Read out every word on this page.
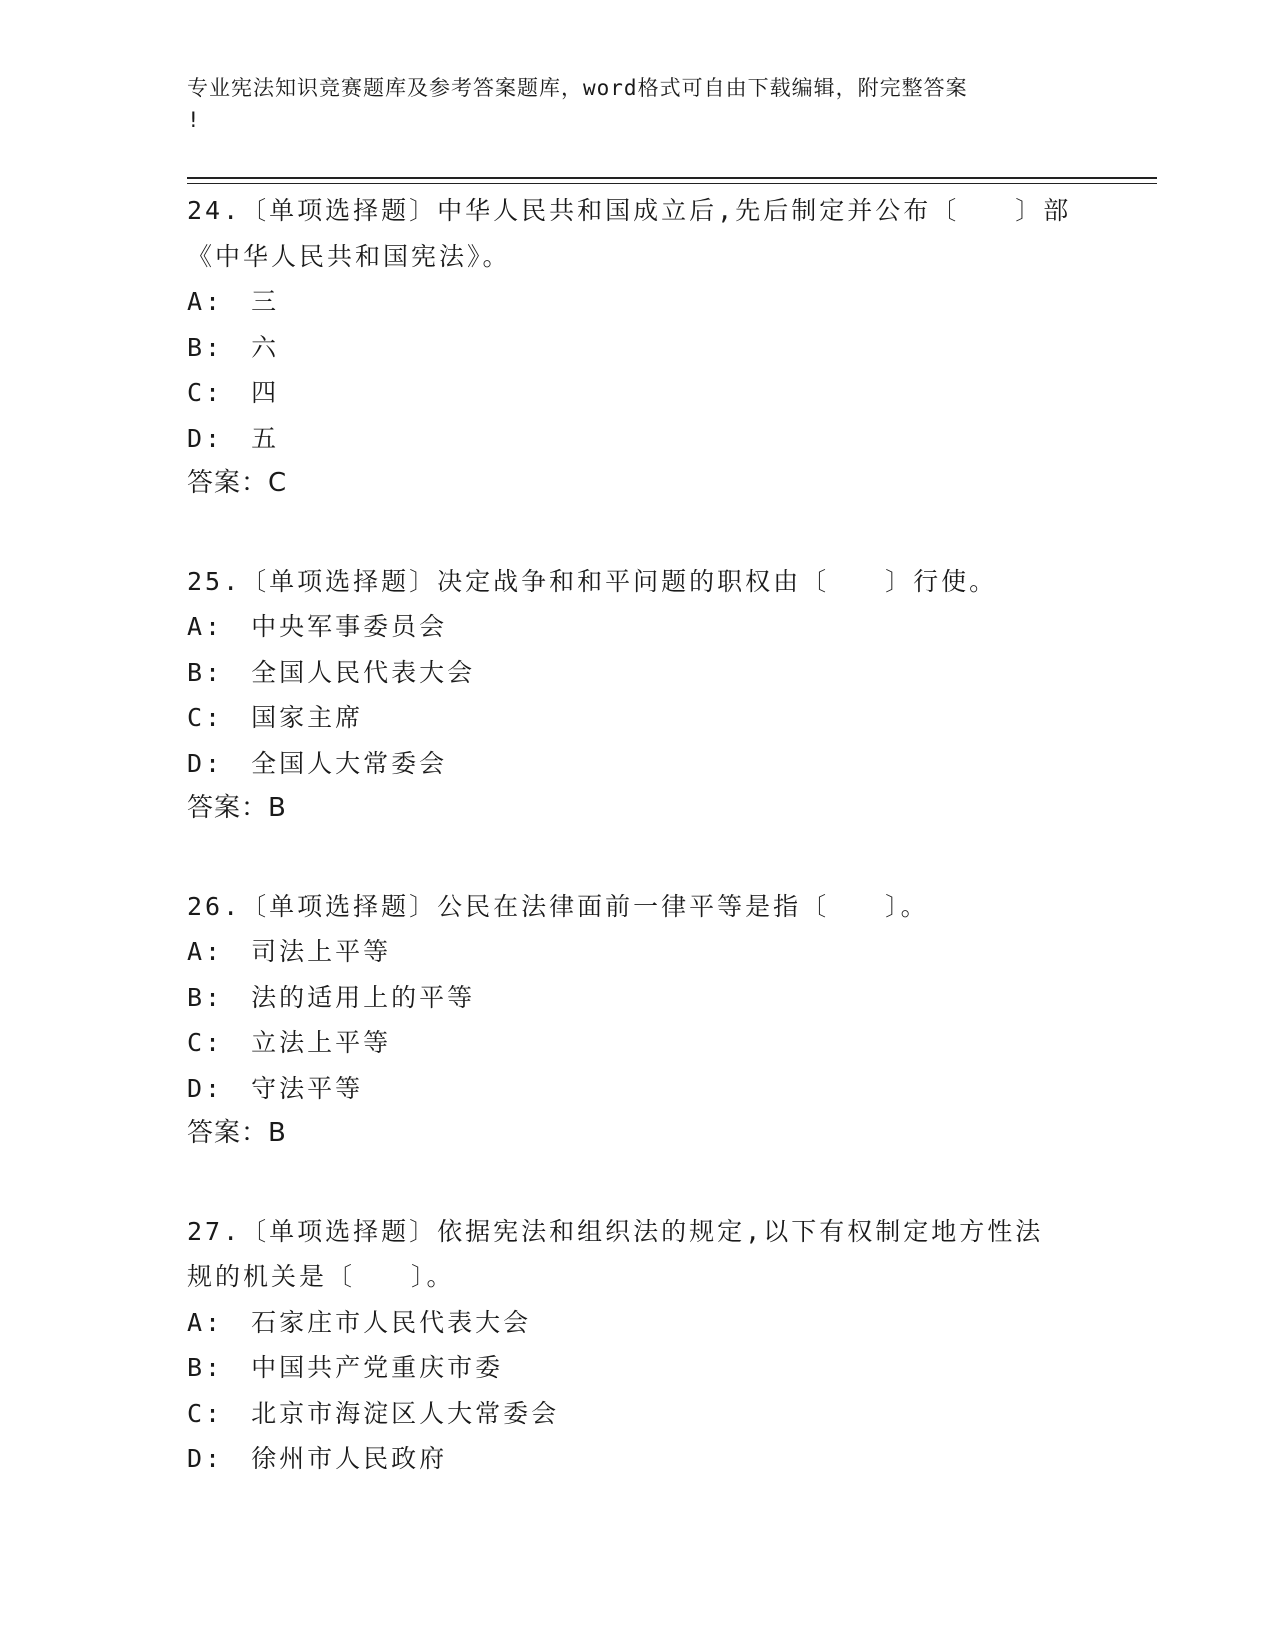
专业宪法知识竞赛题库及参考答案题库，word格式可自由下载编辑，附完整答案
!
24.〔单项选择题〕中华人民共和国成立后,先后制定并公布〔　　〕部
《中华人民共和国宪法》。
A:　三
B:　六
C:　四
D:　五
答案：C
25.〔单项选择题〕决定战争和和平问题的职权由〔　　〕行使。
A:　中央军事委员会
B:　全国人民代表大会
C:　国家主席
D:　全国人大常委会
答案：B
26.〔单项选择题〕公民在法律面前一律平等是指〔　　〕。
A:　司法上平等
B:　法的适用上的平等
C:　立法上平等
D:　守法平等
答案：B
27.〔单项选择题〕依据宪法和组织法的规定,以下有权制定地方性法
规的机关是〔　　〕。
A:　石家庄市人民代表大会
B:　中国共产党重庆市委
C:　北京市海淀区人大常委会
D:　徐州市人民政府
